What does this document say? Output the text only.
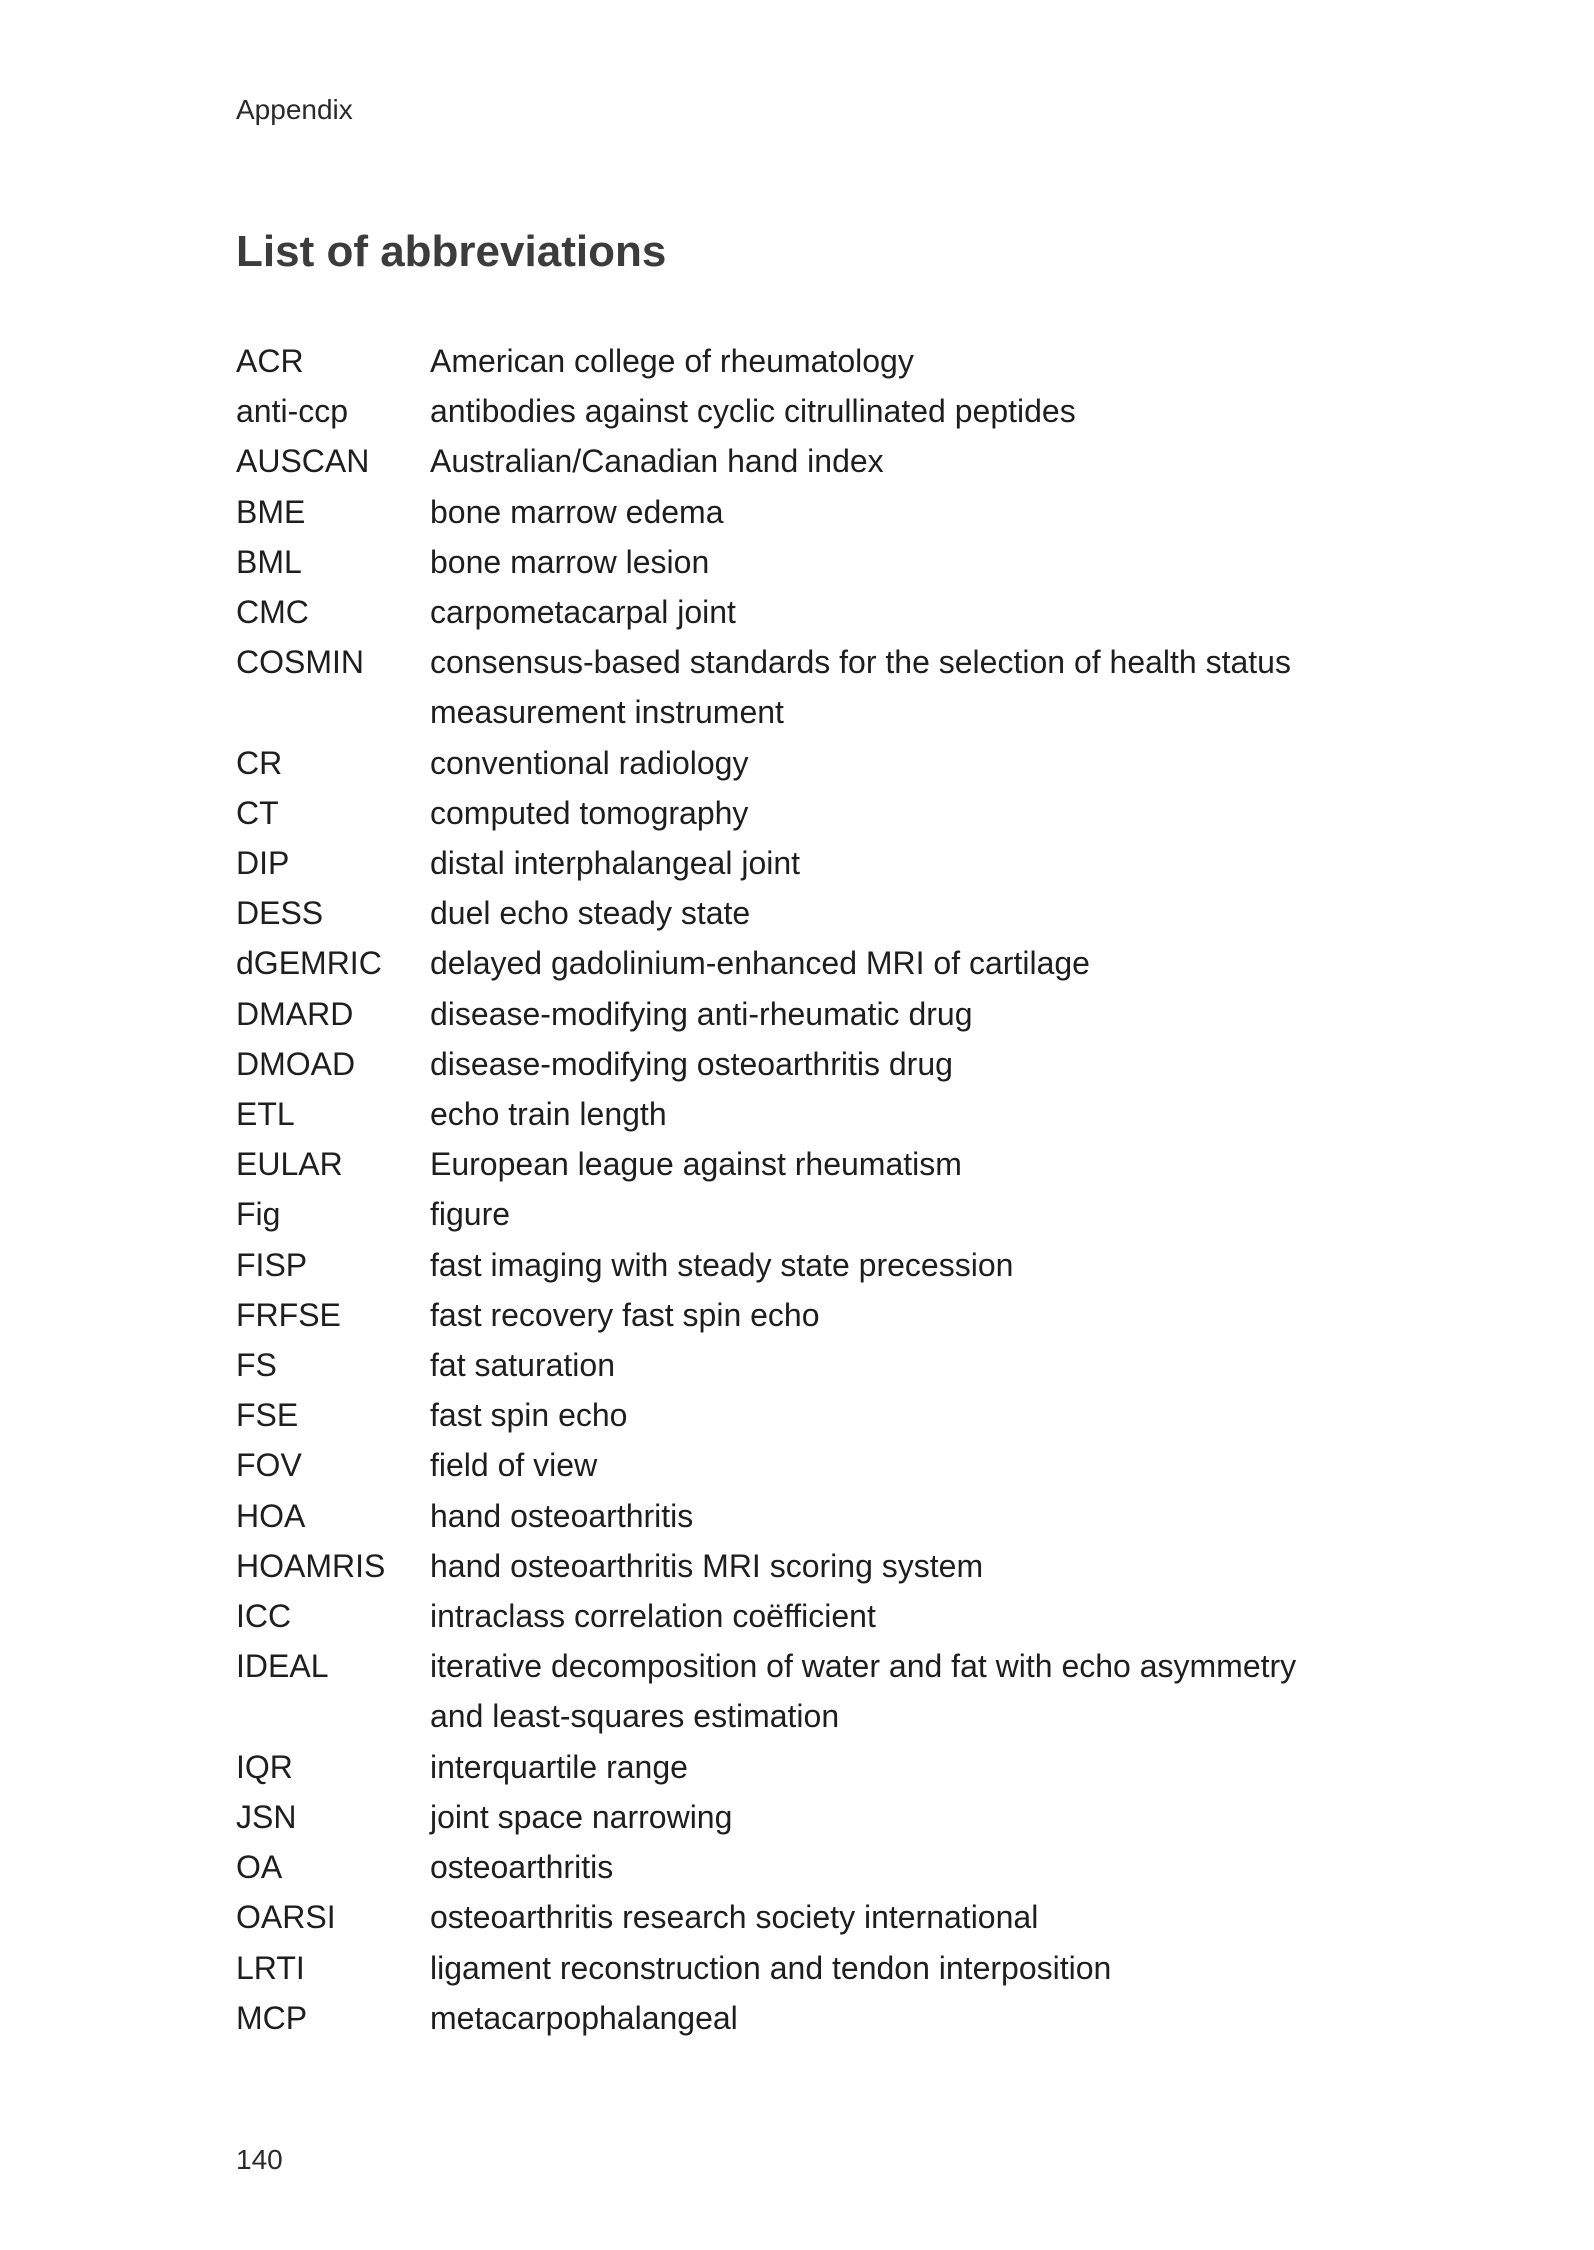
Appendix
List of abbreviations
ACR	American college of rheumatology
anti-ccp	antibodies against cyclic citrullinated peptides
AUSCAN	Australian/Canadian hand index
BME	bone marrow edema
BML	bone marrow lesion
CMC	carpometacarpal joint
COSMIN	consensus-based standards for the selection of health status measurement instrument
CR	conventional radiology
CT	computed tomography
DIP	distal interphalangeal joint
DESS	duel echo steady state
dGEMRIC	delayed gadolinium-enhanced MRI of cartilage
DMARD	disease-modifying anti-rheumatic drug
DMOAD	disease-modifying osteoarthritis drug
ETL	echo train length
EULAR	European league against rheumatism
Fig	figure
FISP	fast imaging with steady state precession
FRFSE	fast recovery fast spin echo
FS	fat saturation
FSE	fast spin echo
FOV	field of view
HOA	hand osteoarthritis
HOAMRIS	hand osteoarthritis MRI scoring system
ICC	intraclass correlation coëfficient
IDEAL	iterative decomposition of water and fat with echo asymmetry and least-squares estimation
IQR	interquartile range
JSN	joint space narrowing
OA	osteoarthritis
OARSI	osteoarthritis research society international
LRTI	ligament reconstruction and tendon interposition
MCP	metacarpophalangeal
140
